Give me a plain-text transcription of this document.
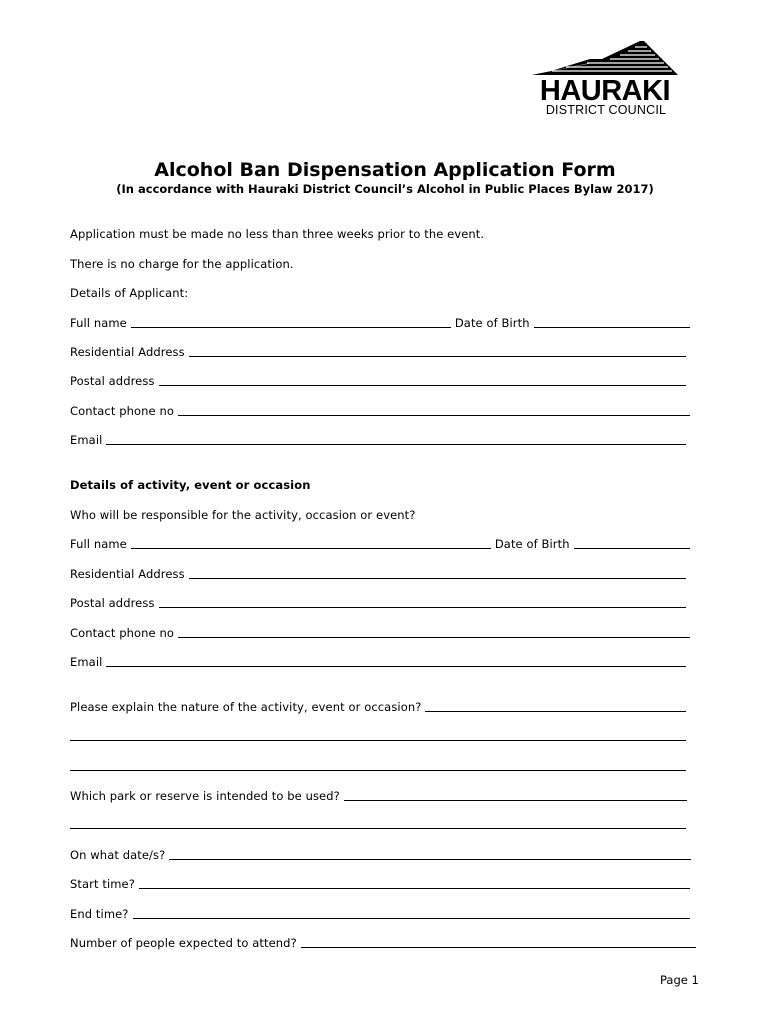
HAURAKI
DISTRICT COUNCIL
Alcohol Ban Dispensation Application Form
(In accordance with Hauraki District Council’s Alcohol in Public Places Bylaw 2017)
Application must be made no less than three weeks prior to the event.
There is no charge for the application.
Details of Applicant:
Full name	Date of Birth
Residential Address
Postal address
Contact phone no
Email
Details of activity, event or occasion
Who will be responsible for the activity, occasion or event?
Full name	Date of Birth
Residential Address
Postal address
Contact phone no
Email
Please explain the nature of the activity, event or occasion?
Which park or reserve is intended to be used?
On what date/s?
Start time?
End time?
Number of people expected to attend?
Page 1
